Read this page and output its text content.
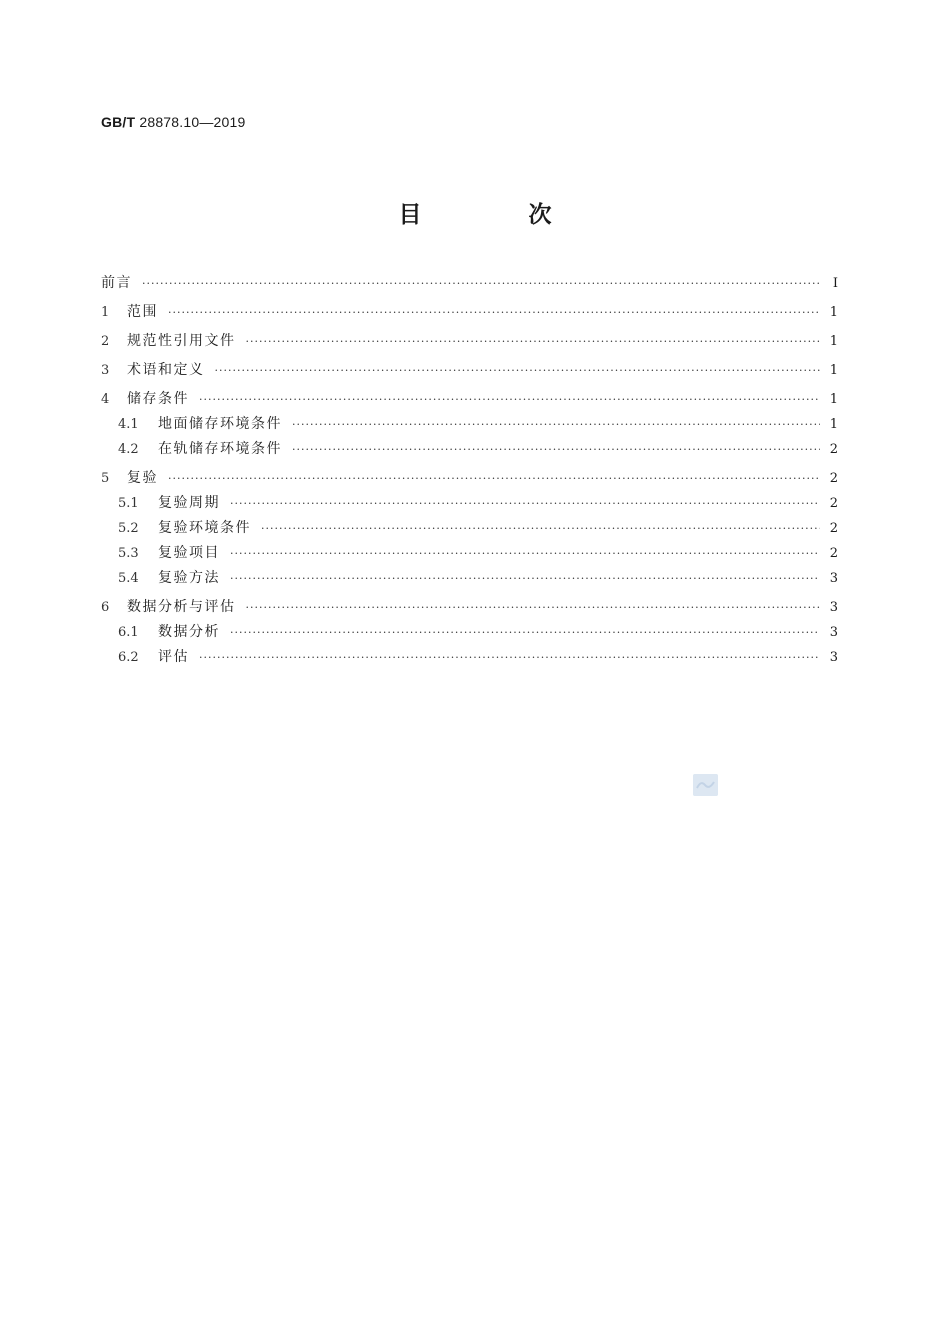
GB/T 28878.10—2019
目　次
前言 ·····	Ⅰ
1	范围 ·····	1
2	规范性引用文件 ·····	1
3	术语和定义 ·····	1
4	储存条件 ·····	1
4.1	地面储存环境条件 ·····	1
4.2	在轨储存环境条件 ·····	2
5	复验 ·····	2
5.1	复验周期 ·····	2
5.2	复验环境条件 ·····	2
5.3	复验项目 ·····	2
5.4	复验方法 ·····	3
6	数据分析与评估 ·····	3
6.1	数据分析 ·····	3
6.2	评估 ·····	3
